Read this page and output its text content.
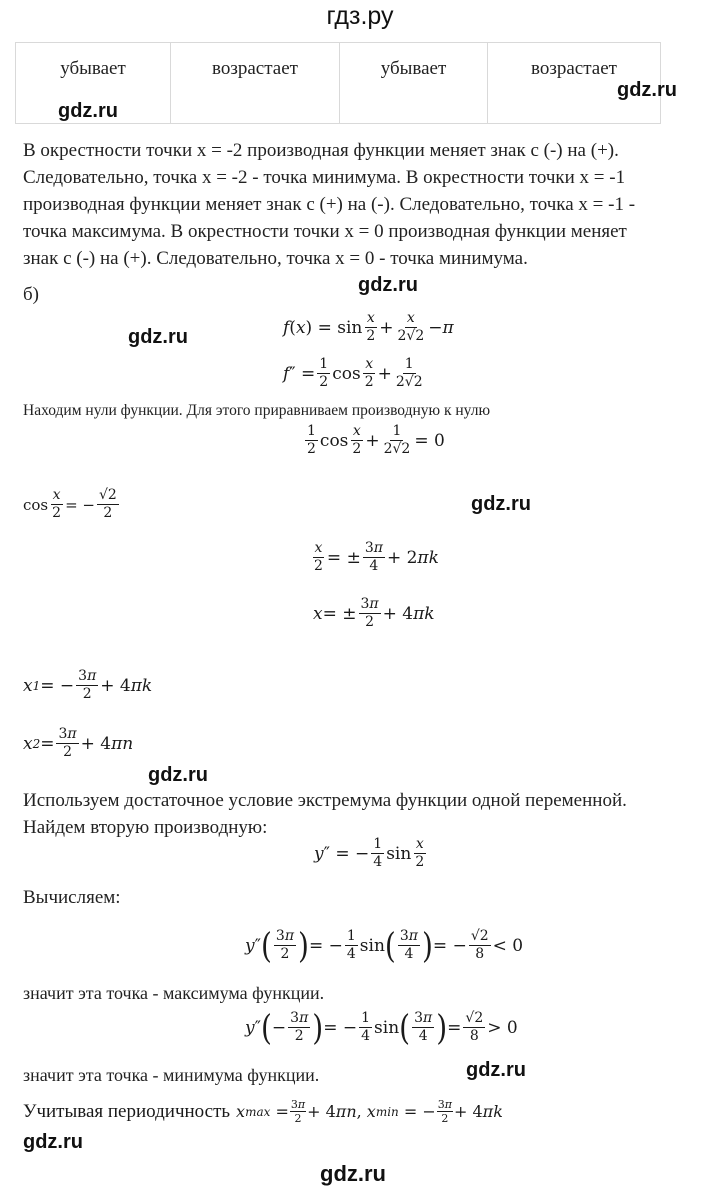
гдз.ру
убывает	возрастает	убывает	возрастает
gdz.ru
gdz.ru
В окрестности точки x = -2 производная функции меняет знак с (-) на (+).
Следовательно, точка x = -2 - точка минимума. В окрестности точки x = -1
производная функции меняет знак с (+) на (-). Следовательно, точка x = -1 -
точка максимума. В окрестности точки x = 0 производная функции меняет
знак с (-) на (+). Следовательно, точка x = 0 - точка минимума.
б)	gdz.ru
gdz.ru	f ( x ) = $\sin \frac{x}{2} + \frac{x}{2√2} - \pi$
f ″ = $\frac{1}{2}$ $\cos \frac{x}{2} + \frac{1}{2√2}$
Находим нули функции. Для этого приравниваем производную к нулю
$\frac{1}{2}$ $\cos \frac{x}{2} + \frac{1}{2√2} = 0$
$\cos \frac{x}{2}$ = − $\frac{√2}{2}$	gdz.ru
$\frac{x}{2}$ = ± $\frac{3\pi}{4} + 2$ πk
x = ± $\frac{3\pi}{2} + 4$ πk
x 1 = − $\frac{3\pi}{2} + 4$ πk
x $2 = \frac{3\pi}{2} + 4$ πn
gdz.ru
Используем достаточное условие экстремума функции одной переменной.
Найдем вторую производную:
y ″ = − $\frac{1}{4}$ $\sin \frac{x}{2}$
Вычисляем:
y ″ ( $\frac{3\pi}{2}$ ) = − $\frac{1}{4}$ sin ( $\frac{3\pi}{4}$ ) = − $\frac{√2}{8} < 0$
значит эта точка - максимума функции.
y ″ ( − $\frac{3\pi}{2}$ ) = − $\frac{1}{4}$ sin ( $\frac{3\pi}{4}$ ) = $\frac{√2}{8} > 0$
значит эта точка - минимума функции.	gdz.ru
Учитывая периодичность x $\max = \frac{3\pi}{2} + 4$ πn , x min = − $\frac{3\pi}{2} + 4$ πk
gdz.ru
gdz.ru
